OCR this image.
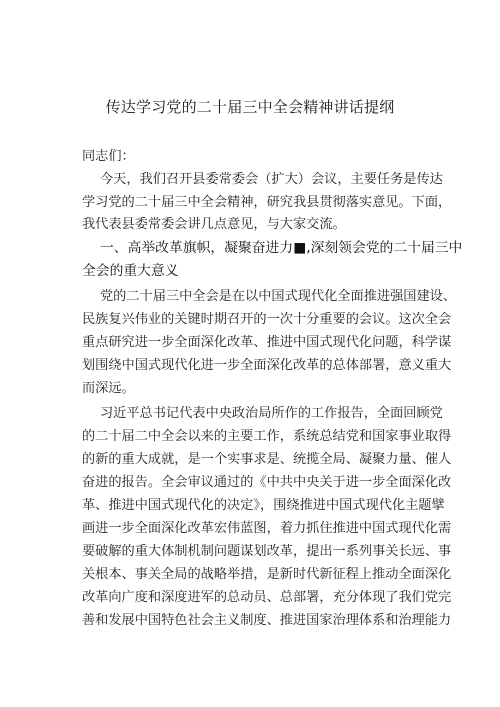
传达学习党的二十届三中全会精神讲话提纲
同志们：
今天，我们召开县委常委会（扩大）会议，主要任务是传达
学习党的二十届三中全会精神，研究我县贯彻落实意见。下面，
我代表县委常委会讲几点意见，与大家交流。
一、高举改革旗帜，凝聚奋进力■,深刻领会党的二十届三中
全会的重大意义
党的二十届三中全会是在以中国式现代化全面推进强国建设、
民族复兴伟业的关键时期召开的一次十分重要的会议。这次全会
重点研究进一步全面深化改革、推进中国式现代化问题，科学谋
划围绕中国式现代化进一步全面深化改革的总体部署，意义重大
而深远。
习近平总书记代表中央政治局所作的工作报告，全面回顾党
的二十届二中全会以来的主要工作，系统总结党和国家事业取得
的新的重大成就，是一个实事求是、统揽全局、凝聚力量、催人
奋进的报告。全会审议通过的《中共中央关于进一步全面深化改
革、推进中国式现代化的决定》，围绕推进中国式现代化主题擘
画进一步全面深化改革宏伟蓝图，着力抓住推进中国式现代化需
要破解的重大体制机制问题谋划改革，提出一系列事关长远、事
关根本、事关全局的战略举措，是新时代新征程上推动全面深化
改革向广度和深度进军的总动员、总部署，充分体现了我们党完
善和发展中国特色社会主义制度、推进国家治理体系和治理能力
